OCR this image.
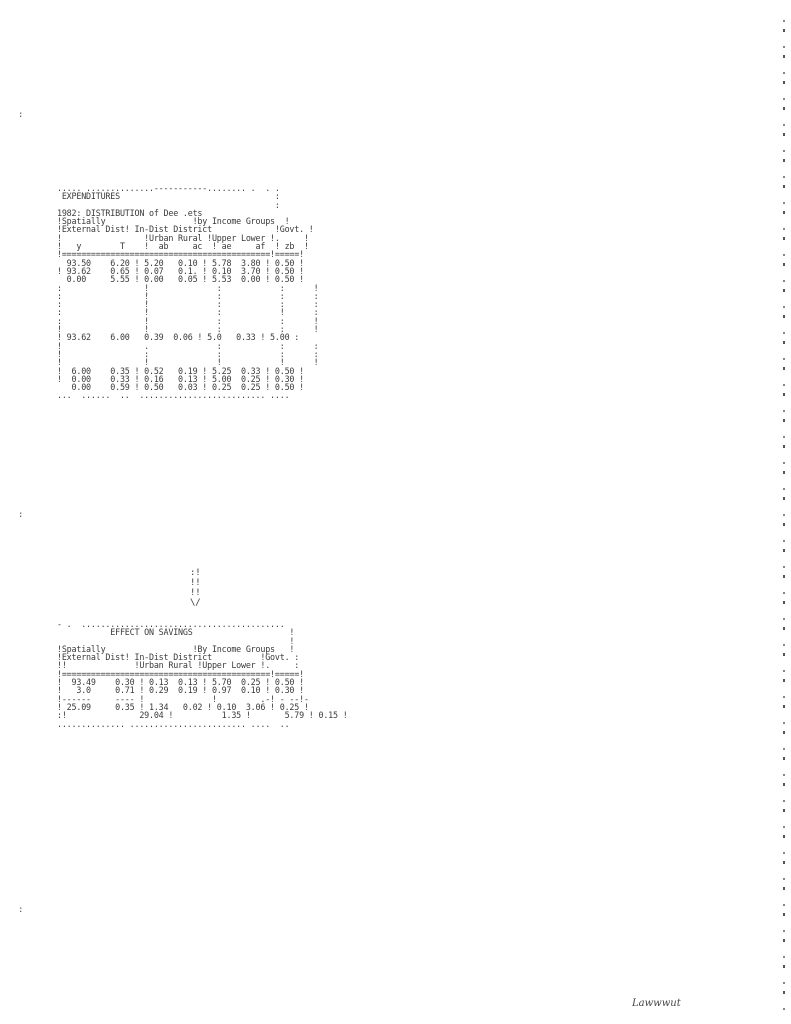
..... ..............-----------........ .  . .
EXPENDITURES                                :
:
1982: DISTRIBUTION of Dee .ets
!Spatially                  !by Income Groups  !
!External Dist! In-Dist District             !Govt. !
!                 !Urban Rural !Upper Lower !.     !
!   y        T    !  ab     ac  ! ae     af  ! zb  !
!===========================================!=====!
93.50    6.20 ! 5.20   0.10 ! 5.78  3.80 ! 0.50 !
! 93.62    0.65 ! 0.07   0.1. ! 0.10  3.70 ! 0.50 !
0.00     5.55 ! 0.00   0.05 ! 5.53  0.00 ! 0.50 !
:                 !              :            :      !
:                 !              :            :      :
:                 !              :            :      :
:                 !              :            !      :
:                 !              :            :      !
!                 !              :            :      !
! 93.62    6.00   0.39  0.06 ! 5.0   0.33 ! 5.00 :
!                 .              :            :      :
!                 :              :            :      :
!                 !              !            !      !
!  6.00    0.35 ! 0.52   0.19 ! 5.25  0.33 ! 0.50 !
!  0.00    0.33 ! 0.16   0.13 ! 5.00  0.25 ! 0.30 !
0.00    0.59 ! 0.50   0.03 ! 0.25  0.25 ! 0.50 !
...  ......  ..  .......................... ....
:!
!!
!!
\/
- .  ..........................................
EFFECT ON SAVINGS                    !
!
!Spatially                  !By Income Groups   !
!External Dist! In-Dist District          !Govt. :
!!              !Urban Rural !Upper Lower !.     :
!===========================================!=====!
!  93.49    0.30 ! 0.13  0.13 ! 5.70  0.25 ! 0.50 !
!   3.0     0.71 ! 0.29  0.19 ! 0.97  0.10 ! 0.30 !
!------     ---- !              !         .-! - --!-
! 25.09     0.35 ! 1.34   0.02 ! 0.10  3.06 ! 0.25 !
:!               29.04 !          1.35 !       5.79 ! 0.15 !
.............. ........................ ....  ..
:
:
:
Lawwwut
